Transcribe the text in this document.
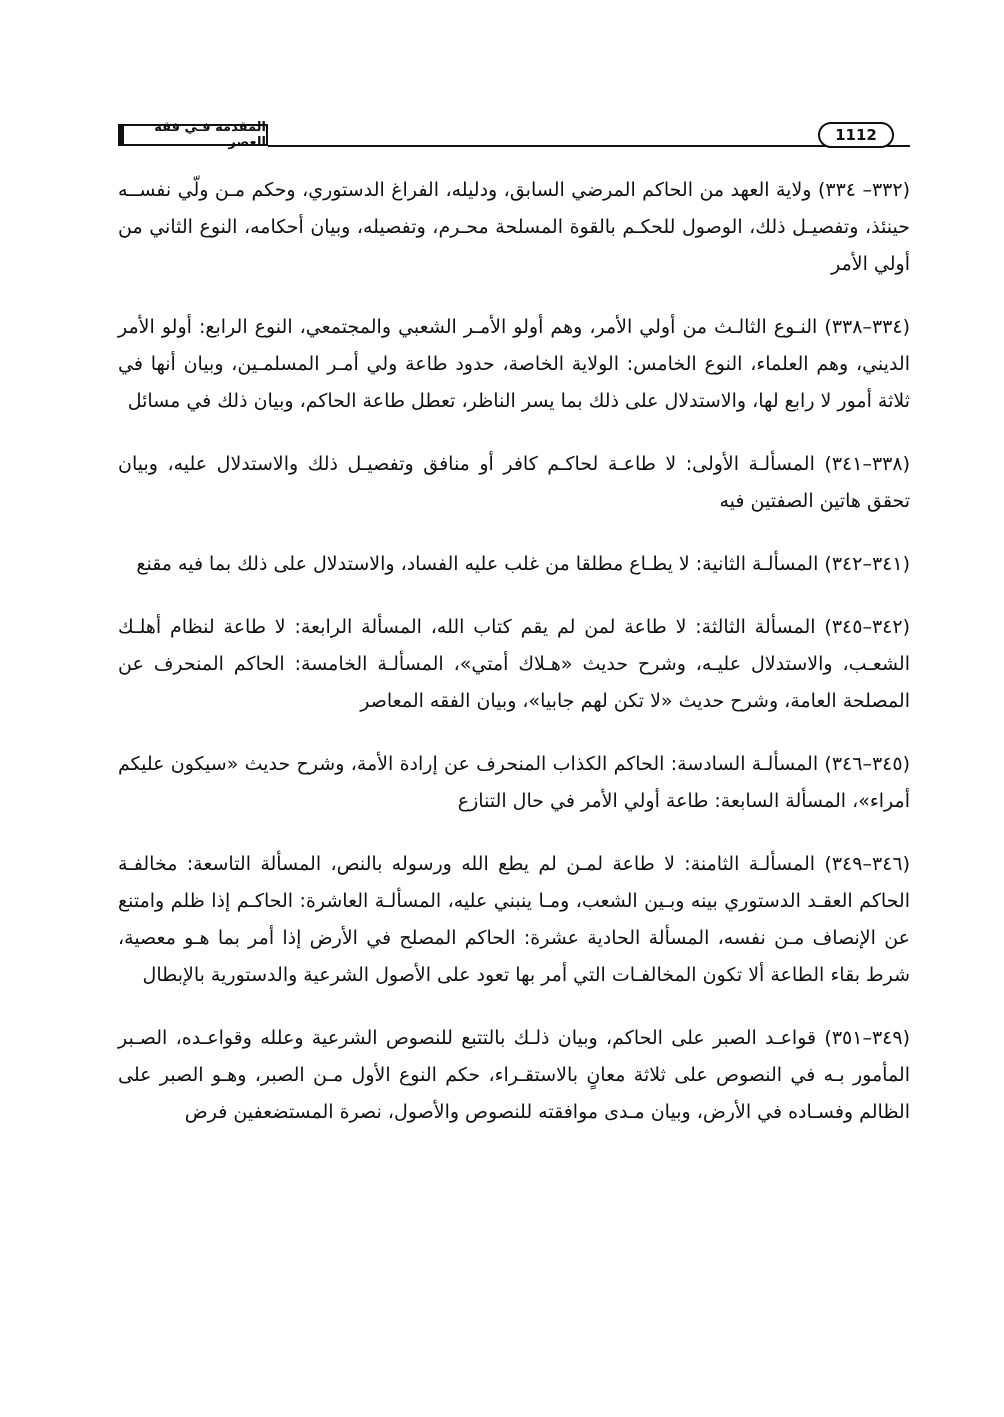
المقدمة فـي فقه العصر	1112

(٣٣٢– ٣٣٤) ولاية العهد من الحاكم المرضي السابق، ودليله، الفراغ الدستوري، وحكم مـن ولّي نفســه حينئذ، وتفصيـل ذلك، الوصول للحكـم بالقوة المسلحة محـرم، وتفصيله، وبيان أحكامه، النوع الثاني من أولي الأمر

(٣٣٤–٣٣٨) النـوع الثالـث من أولي الأمر، وهم أولو الأمـر الشعبي والمجتمعي، النوع الرابع: أولو الأمر الديني، وهم العلماء، النوع الخامس: الولاية الخاصة، حدود طاعة ولي أمـر المسلمـين، وبيان أنها في ثلاثة أمور لا رابع لها، والاستدلال على ذلك بما يسر الناظر، تعطل طاعة الحاكم، وبيان ذلك في مسائل

(٣٣٨–٣٤١) المسألـة الأولى: لا طاعـة لحاكـم كافر أو منافق وتفصيـل ذلك والاستدلال عليه، وبيان تحقق هاتين الصفتين فيه

(٣٤١–٣٤٢) المسألـة الثانية: لا يطـاع مطلقا من غلب عليه الفساد، والاستدلال على ذلك بما فيه مقنع

(٣٤٢–٣٤٥) المسألة الثالثة: لا طاعة لمن لم يقم كتاب الله، المسألة الرابعة: لا طاعة لنظام أهلـك الشعـب، والاستدلال عليـه، وشرح حديث «هـلاك أمتي»، المسألـة الخامسة: الحاكم المنحرف عن المصلحة العامة، وشرح حديث «لا تكن لهم جابيا»، وبيان الفقه المعاصر

(٣٤٥–٣٤٦) المسألـة السادسة: الحاكم الكذاب المنحرف عن إرادة الأمة، وشرح حديث «سيكون عليكم أمراء»، المسألة السابعة: طاعة أولي الأمر في حال التنازع

(٣٤٦–٣٤٩) المسألـة الثامنة: لا طاعة لمـن لم يطع الله ورسوله بالنص، المسألة التاسعة: مخالفـة الحاكم العقـد الدستوري بينه وبـين الشعب، ومـا ينبني عليه، المسألـة العاشرة: الحاكـم إذا ظلم وامتنع عن الإنصاف مـن نفسه، المسألة الحادية عشرة: الحاكم المصلح في الأرض إذا أمر بما هـو معصية، شرط بقاء الطاعة ألا تكون المخالفـات التي أمر بها تعود على الأصول الشرعية والدستورية بالإبطال

(٣٤٩–٣٥١) قواعـد الصبر على الحاكم، وبيان ذلـك بالتتبع للنصوص الشرعية وعلله وقواعـده، الصـبر المأمور بـه في النصوص على ثلاثة معانٍ بالاستقـراء، حكم النوع الأول مـن الصبر، وهـو الصبر على الظالم وفسـاده في الأرض، وبيان مـدى موافقته للنصوص والأصول، نصرة المستضعفين فرض
